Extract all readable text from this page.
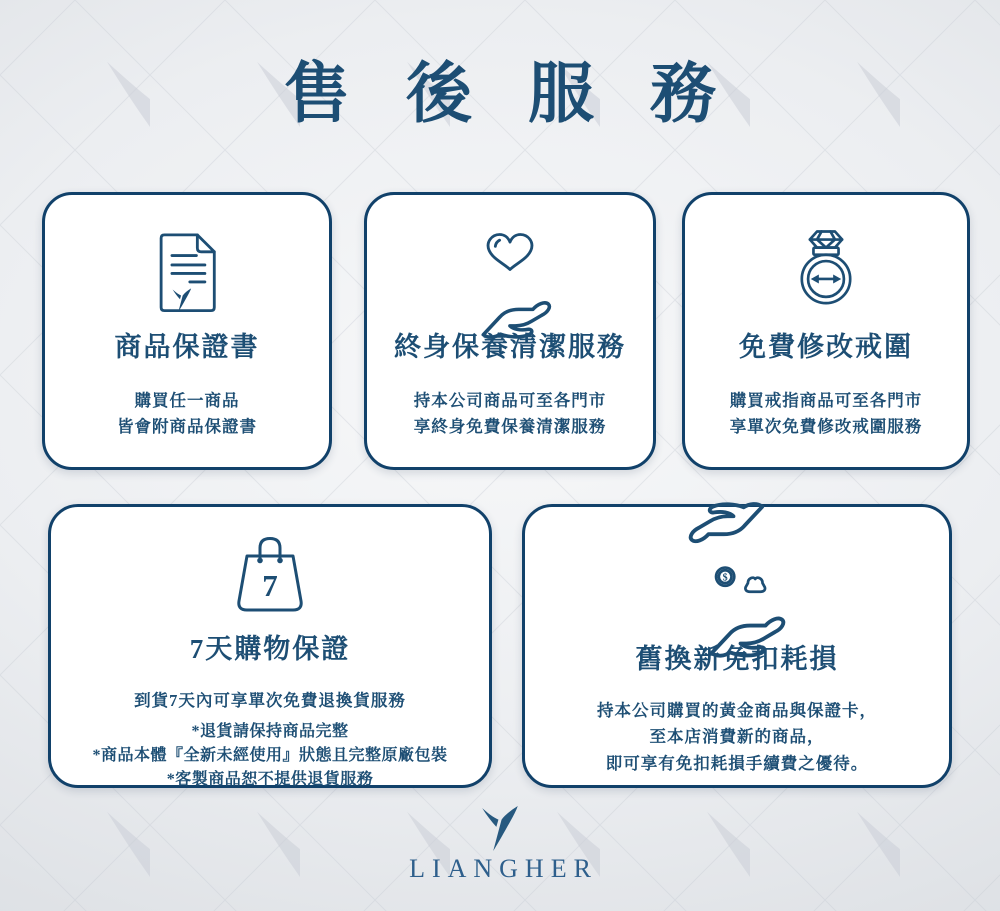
售後服務
商品保證書

購買任一商品

皆會附商品保證書

終身保養清潔服務

持本公司商品可至各門市

享終身免費保養清潔服務

免費修改戒圍

購買戒指商品可至各門市

享單次免費修改戒圍服務

7
7天購物保證

到貨7天內可享單次免費退換貨服務

*退貨請保持商品完整

*商品本體『全新未經使用』狀態且完整原廠包裝

*客製商品恕不提供退貨服務

$
舊換新免扣耗損

持本公司購買的黃金商品與保證卡，

至本店消費新的商品，

即可享有免扣耗損手續費之優待。

LIANGHER
